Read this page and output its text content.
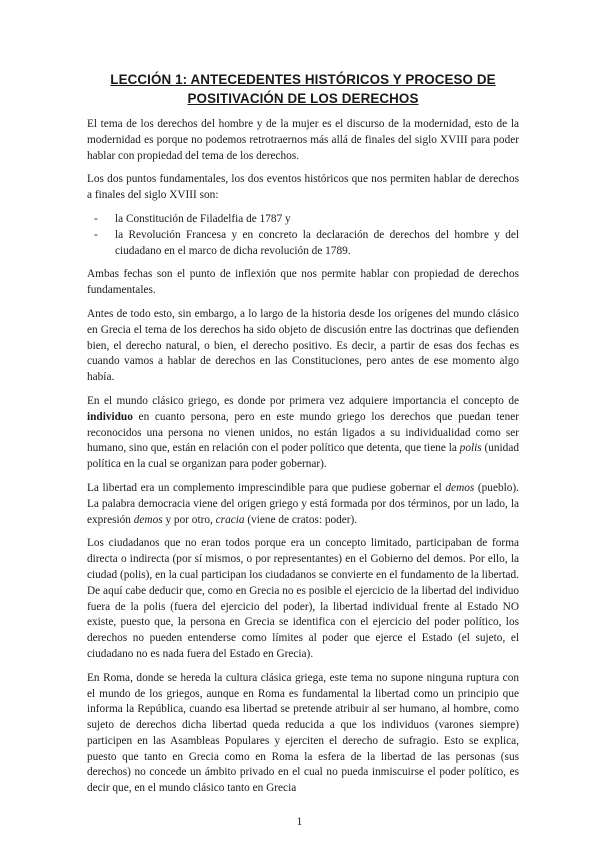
LECCIÓN 1: ANTECEDENTES HISTÓRICOS Y PROCESO DE
POSITIVACIÓN DE LOS DERECHOS

El tema de los derechos del hombre y de la mujer es el discurso de la modernidad, esto de la modernidad es porque no podemos retrotraernos más allá de finales del siglo XVIII para poder hablar con propiedad del tema de los derechos.

Los dos puntos fundamentales, los dos eventos históricos que nos permiten hablar de derechos a finales del siglo XVIII son:

- la Constitución de Filadelfia de 1787 y
- la Revolución Francesa y en concreto la declaración de derechos del hombre y del ciudadano en el marco de dicha revolución de 1789.

Ambas fechas son el punto de inflexión que nos permite hablar con propiedad de derechos fundamentales.

Antes de todo esto, sin embargo, a lo largo de la historia desde los orígenes del mundo clásico en Grecia el tema de los derechos ha sido objeto de discusión entre las doctrinas que defienden bien, el derecho natural, o bien, el derecho positivo. Es decir, a partir de esas dos fechas es cuando vamos a hablar de derechos en las Constituciones, pero antes de ese momento algo había.

En el mundo clásico griego, es donde por primera vez adquiere importancia el concepto de individuo en cuanto persona, pero en este mundo griego los derechos que puedan tener reconocidos una persona no vienen unidos, no están ligados a su individualidad como ser humano, sino que, están en relación con el poder político que detenta, que tiene la polis (unidad política en la cual se organizan para poder gobernar).

La libertad era un complemento imprescindible para que pudiese gobernar el demos (pueblo). La palabra democracia viene del origen griego y está formada por dos términos, por un lado, la expresión demos y por otro, cracia (viene de cratos: poder).

Los ciudadanos que no eran todos porque era un concepto limitado, participaban de forma directa o indirecta (por sí mismos, o por representantes) en el Gobierno del demos. Por ello, la ciudad (polis), en la cual participan los ciudadanos se convierte en el fundamento de la libertad. De aquí cabe deducir que, como en Grecia no es posible el ejercicio de la libertad del individuo fuera de la polis (fuera del ejercicio del poder), la libertad individual frente al Estado NO existe, puesto que, la persona en Grecia se identifica con el ejercicio del poder político, los derechos no pueden entenderse como límites al poder que ejerce el Estado (el sujeto, el ciudadano no es nada fuera del Estado en Grecia).

En Roma, donde se hereda la cultura clásica griega, este tema no supone ninguna ruptura con el mundo de los griegos, aunque en Roma es fundamental la libertad como un principio que informa la República, cuando esa libertad se pretende atribuir al ser humano, al hombre, como sujeto de derechos dicha libertad queda reducida a que los individuos (varones siempre) participen en las Asambleas Populares y ejerciten el derecho de sufragio. Esto se explica, puesto que tanto en Grecia como en Roma la esfera de la libertad de las personas (sus derechos) no concede un ámbito privado en el cual no pueda inmiscuirse el poder político, es decir que, en el mundo clásico tanto en Grecia

1
